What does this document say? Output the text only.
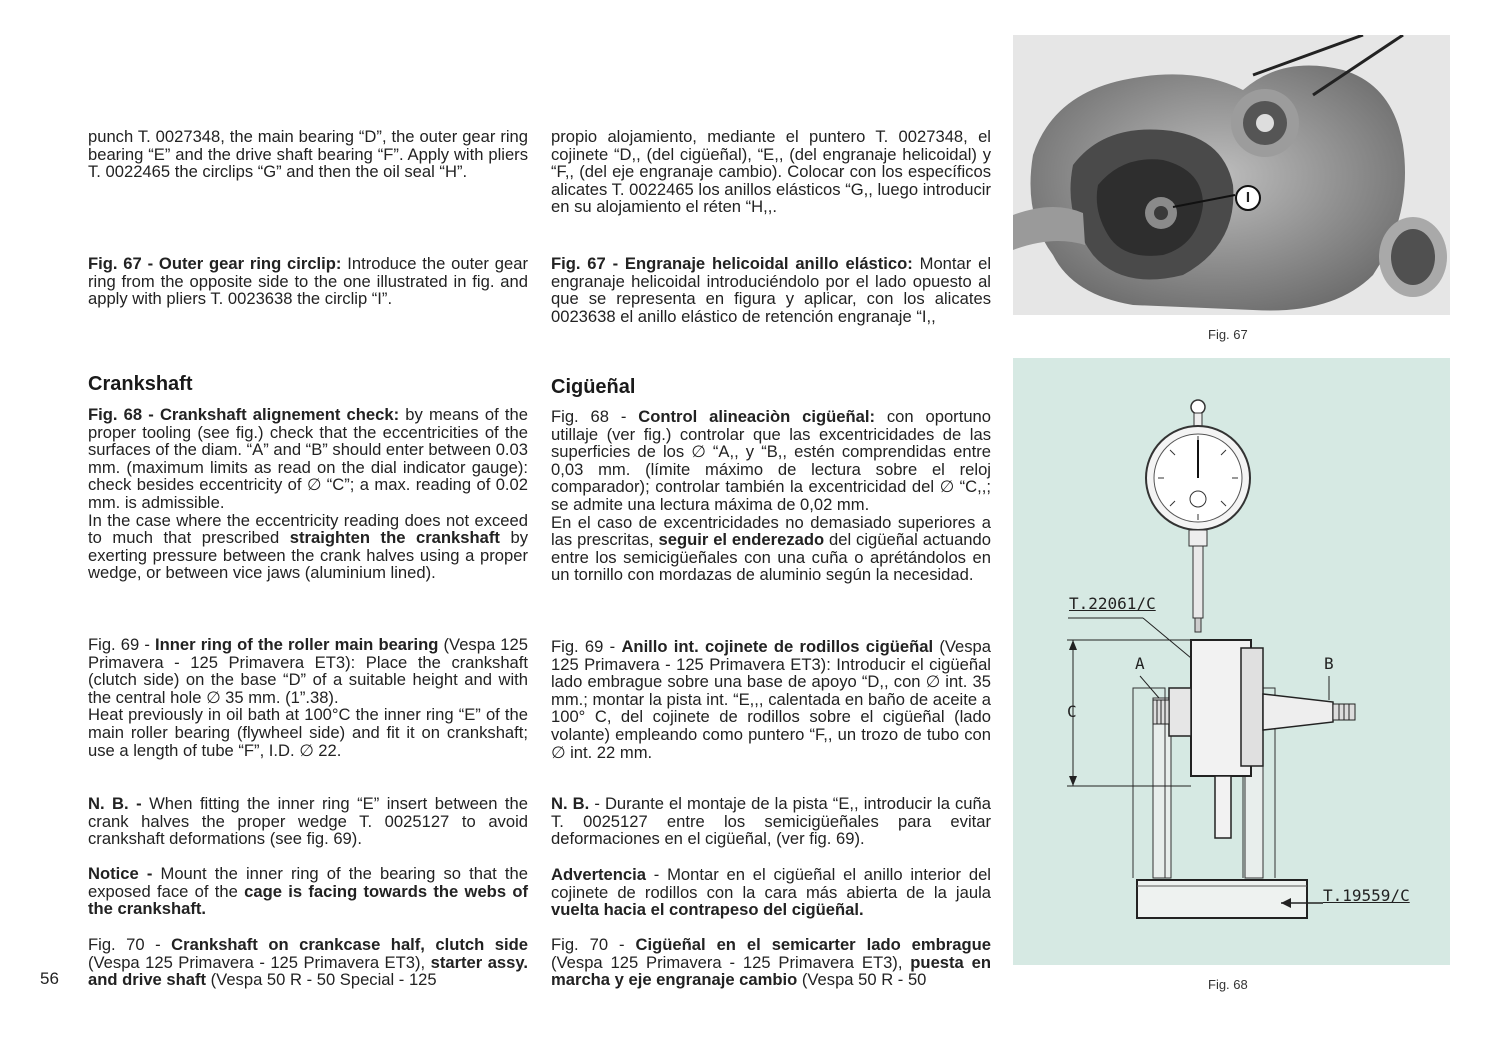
punch T. 0027348, the main bearing “D”, the outer gear ring bearing “E” and the drive shaft bearing “F”. Apply with pliers T. 0022465 the circlips “G” and then the oil seal “H”.

Fig. 67 - Outer gear ring circlip: Introduce the outer gear ring from the opposite side to the one illustrated in fig. and apply with pliers T. 0023638 the circlip “I”.

Crankshaft

Fig. 68 - Crankshaft alignement check: by means of the proper tooling (see fig.) check that the eccentricities of the surfaces of the diam. “A” and “B” should enter between 0.03 mm. (maximum limits as read on the dial indicator gauge): check besides eccentricity of ∅ “C”; a max. reading of 0.02 mm. is admissible.

In the case where the eccentricity reading does not exceed to much that prescribed straighten the crankshaft by exerting pressure between the crank halves using a proper wedge, or between vice jaws (aluminium lined).

Fig. 69 - Inner ring of the roller main bearing (Vespa 125 Primavera - 125 Primavera ET3): Place the crankshaft (clutch side) on the base “D” of a suitable height and with the central hole ∅ 35 mm. (1”.38).

Heat previously in oil bath at 100°C the inner ring “E” of the main roller bearing (flywheel side) and fit it on crankshaft; use a length of tube “F”, I.D. ∅ 22.

N. B. - When fitting the inner ring “E” insert between the crank halves the proper wedge T. 0025127 to avoid crankshaft deformations (see fig. 69).

Notice - Mount the inner ring of the bearing so that the exposed face of the cage is facing towards the webs of the crankshaft.

Fig. 70 - Crankshaft on crankcase half, clutch side (Vespa 125 Primavera - 125 Primavera ET3), starter assy. and drive shaft (Vespa 50 R - 50 Special - 125

56

propio alojamiento, mediante el puntero T. 0027348, el cojinete “D,, (del cigüeñal), “E,, (del engranaje helicoidal) y “F,, (del eje engranaje cambio). Colocar con los específicos alicates T. 0022465 los anillos elásticos “G,, luego introducir en su alojamiento el réten “H,,.

Fig. 67 - Engranaje helicoidal anillo elástico: Montar el engranaje helicoidal introduciéndolo por el lado opuesto al que se representa en figura y aplicar, con los alicates 0023638 el anillo elástico de retención engranaje “I,,

Cigüeñal

Fig. 68 - Control alineaciòn cigüeñal: con oportuno utillaje (ver fig.) controlar que las excentricidades de las superficies de los ∅ “A,, y “B,, estén comprendidas entre 0,03 mm. (límite máximo de lectura sobre el reloj comparador); controlar también la excentricidad del ∅ “C,,; se admite una lectura máxima de 0,02 mm.

En el caso de excentricidades no demasiado superiores a las prescritas, seguir el enderezado del cigüeñal actuando entre los semicigüeñales con una cuña o aprétándolos en un tornillo con mordazas de aluminio según la necesidad.

Fig. 69 - Anillo int. cojinete de rodillos cigüeñal (Vespa 125 Primavera - 125 Primavera ET3): Introducir el cigüeñal lado embrague sobre una base de apoyo “D,, con ∅ int. 35 mm.; montar la pista int. “E,,, calentada en baño de aceite a 100° C, del cojinete de rodillos sobre el cigüeñal (lado volante) empleando como puntero “F,, un trozo de tubo con ∅ int. 22 mm.

N. B. - Durante el montaje de la pista “E,, introducir la cuña T. 0025127 entre los semicigüeñales para evitar deformaciones en el cigüeñal, (ver fig. 69).

Advertencia - Montar en el cigüeñal el anillo interior del cojinete de rodillos con la cara más abierta de la jaula vuelta hacia el contrapeso del cigüeñal.

Fig. 70 - Cigüeñal en el semicarter lado embrague (Vespa 125 Primavera - 125 Primavera ET3), puesta en marcha y eje engranaje cambio (Vespa 50 R - 50

I
Fig. 67
T.22061/C
A	B
C
T.19559/C
Fig. 68
